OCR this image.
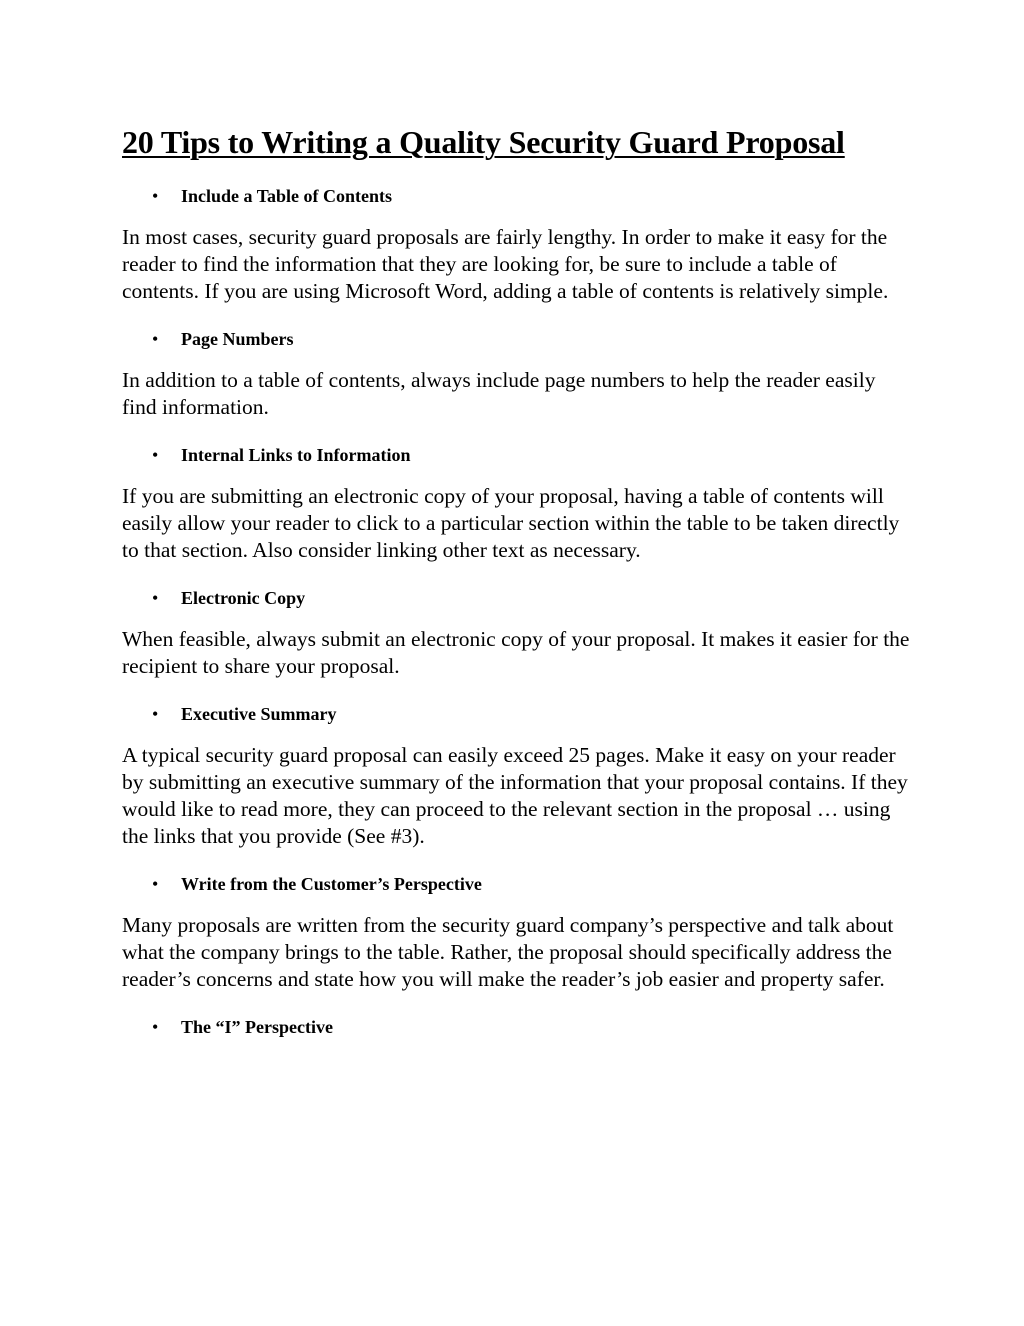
20 Tips to Writing a Quality Security Guard Proposal
• Include a Table of Contents

In most cases, security guard proposals are fairly lengthy. In order to make it easy for the reader to find the information that they are looking for, be sure to include a table of contents. If you are using Microsoft Word, adding a table of contents is relatively simple.

• Page Numbers

In addition to a table of contents, always include page numbers to help the reader easily find information.

• Internal Links to Information

If you are submitting an electronic copy of your proposal, having a table of contents will easily allow your reader to click to a particular section within the table to be taken directly to that section. Also consider linking other text as necessary.

• Electronic Copy

When feasible, always submit an electronic copy of your proposal. It makes it easier for the recipient to share your proposal.

• Executive Summary

A typical security guard proposal can easily exceed 25 pages. Make it easy on your reader by submitting an executive summary of the information that your proposal contains. If they would like to read more, they can proceed to the relevant section in the proposal … using the links that you provide (See #3).

• Write from the Customer’s Perspective

Many proposals are written from the security guard company’s perspective and talk about what the company brings to the table. Rather, the proposal should specifically address the reader’s concerns and state how you will make the reader’s job easier and property safer.

• The “I” Perspective
